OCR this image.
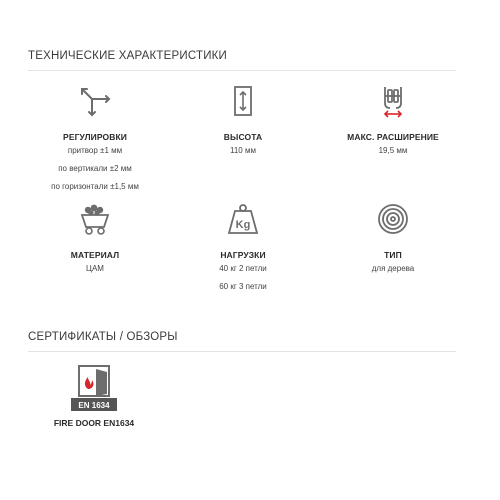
ТЕХНИЧЕСКИЕ ХАРАКТЕРИСТИКИ
РЕГУЛИРОВКИ
притвор ±1 мм
по вертикали ±2 мм
по горизонтали ±1,5 мм
ВЫСОТА
110 мм
МАКС. РАСШИРЕНИЕ
19,5 мм
МАТЕРИАЛ
ЦАМ
Kg
НАГРУЗКИ
40 кг 2 петли
60 кг 3 петли
ТИП
для дерева
СЕРТИФИКАТЫ / ОБЗОРЫ
EN 1634
FIRE DOOR EN1634
